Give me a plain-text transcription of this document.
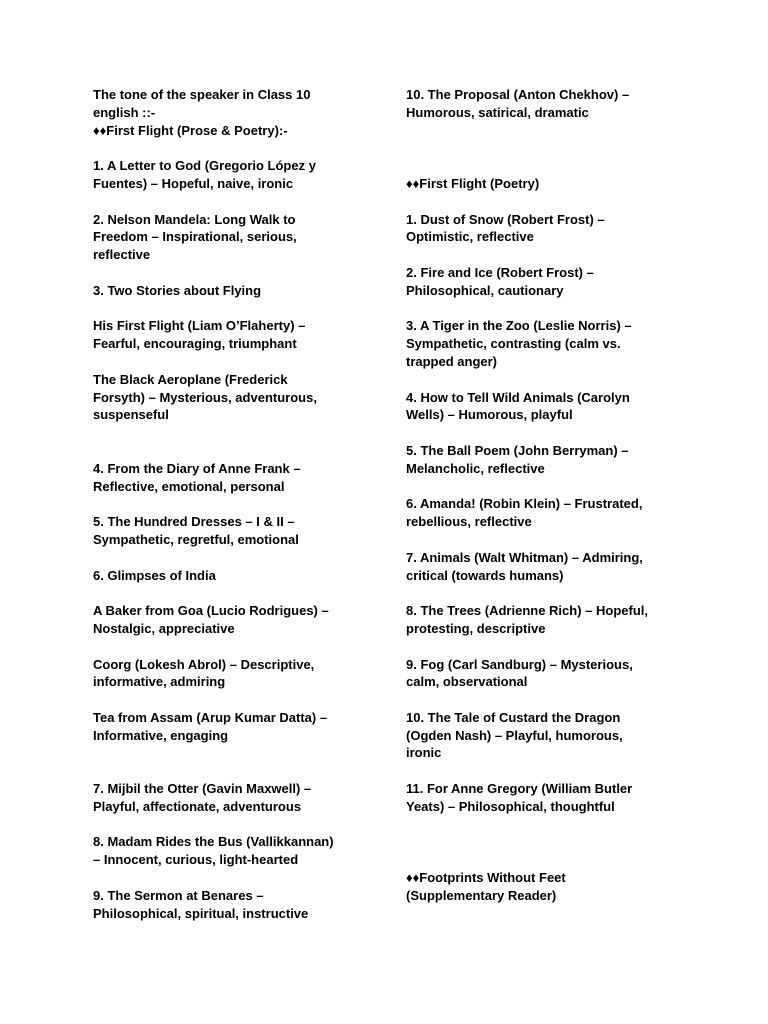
The tone of the speaker in Class 10

english ::-

♦♦First Flight (Prose & Poetry):-

1. A Letter to God (Gregorio López y

Fuentes) – Hopeful, naive, ironic

2. Nelson Mandela: Long Walk to

Freedom – Inspirational, serious,

reflective

3. Two Stories about Flying

His First Flight (Liam O’Flaherty) –

Fearful, encouraging, triumphant

The Black Aeroplane (Frederick

Forsyth) – Mysterious, adventurous,

suspenseful

4. From the Diary of Anne Frank –

Reflective, emotional, personal

5. The Hundred Dresses – I & II –

Sympathetic, regretful, emotional

6. Glimpses of India

A Baker from Goa (Lucio Rodrigues) –

Nostalgic, appreciative

Coorg (Lokesh Abrol) – Descriptive,

informative, admiring

Tea from Assam (Arup Kumar Datta) –

Informative, engaging

7. Mijbil the Otter (Gavin Maxwell) –

Playful, affectionate, adventurous

8. Madam Rides the Bus (Vallikkannan)

– Innocent, curious, light-hearted

9. The Sermon at Benares –

Philosophical, spiritual, instructive

10. The Proposal (Anton Chekhov) –

Humorous, satirical, dramatic

♦♦First Flight (Poetry)

1. Dust of Snow (Robert Frost) –

Optimistic, reflective

2. Fire and Ice (Robert Frost) –

Philosophical, cautionary

3. A Tiger in the Zoo (Leslie Norris) –

Sympathetic, contrasting (calm vs.

trapped anger)

4. How to Tell Wild Animals (Carolyn

Wells) – Humorous, playful

5. The Ball Poem (John Berryman) –

Melancholic, reflective

6. Amanda! (Robin Klein) – Frustrated,

rebellious, reflective

7. Animals (Walt Whitman) – Admiring,

critical (towards humans)

8. The Trees (Adrienne Rich) – Hopeful,

protesting, descriptive

9. Fog (Carl Sandburg) – Mysterious,

calm, observational

10. The Tale of Custard the Dragon

(Ogden Nash) – Playful, humorous,

ironic

11. For Anne Gregory (William Butler

Yeats) – Philosophical, thoughtful

♦♦Footprints Without Feet

(Supplementary Reader)
